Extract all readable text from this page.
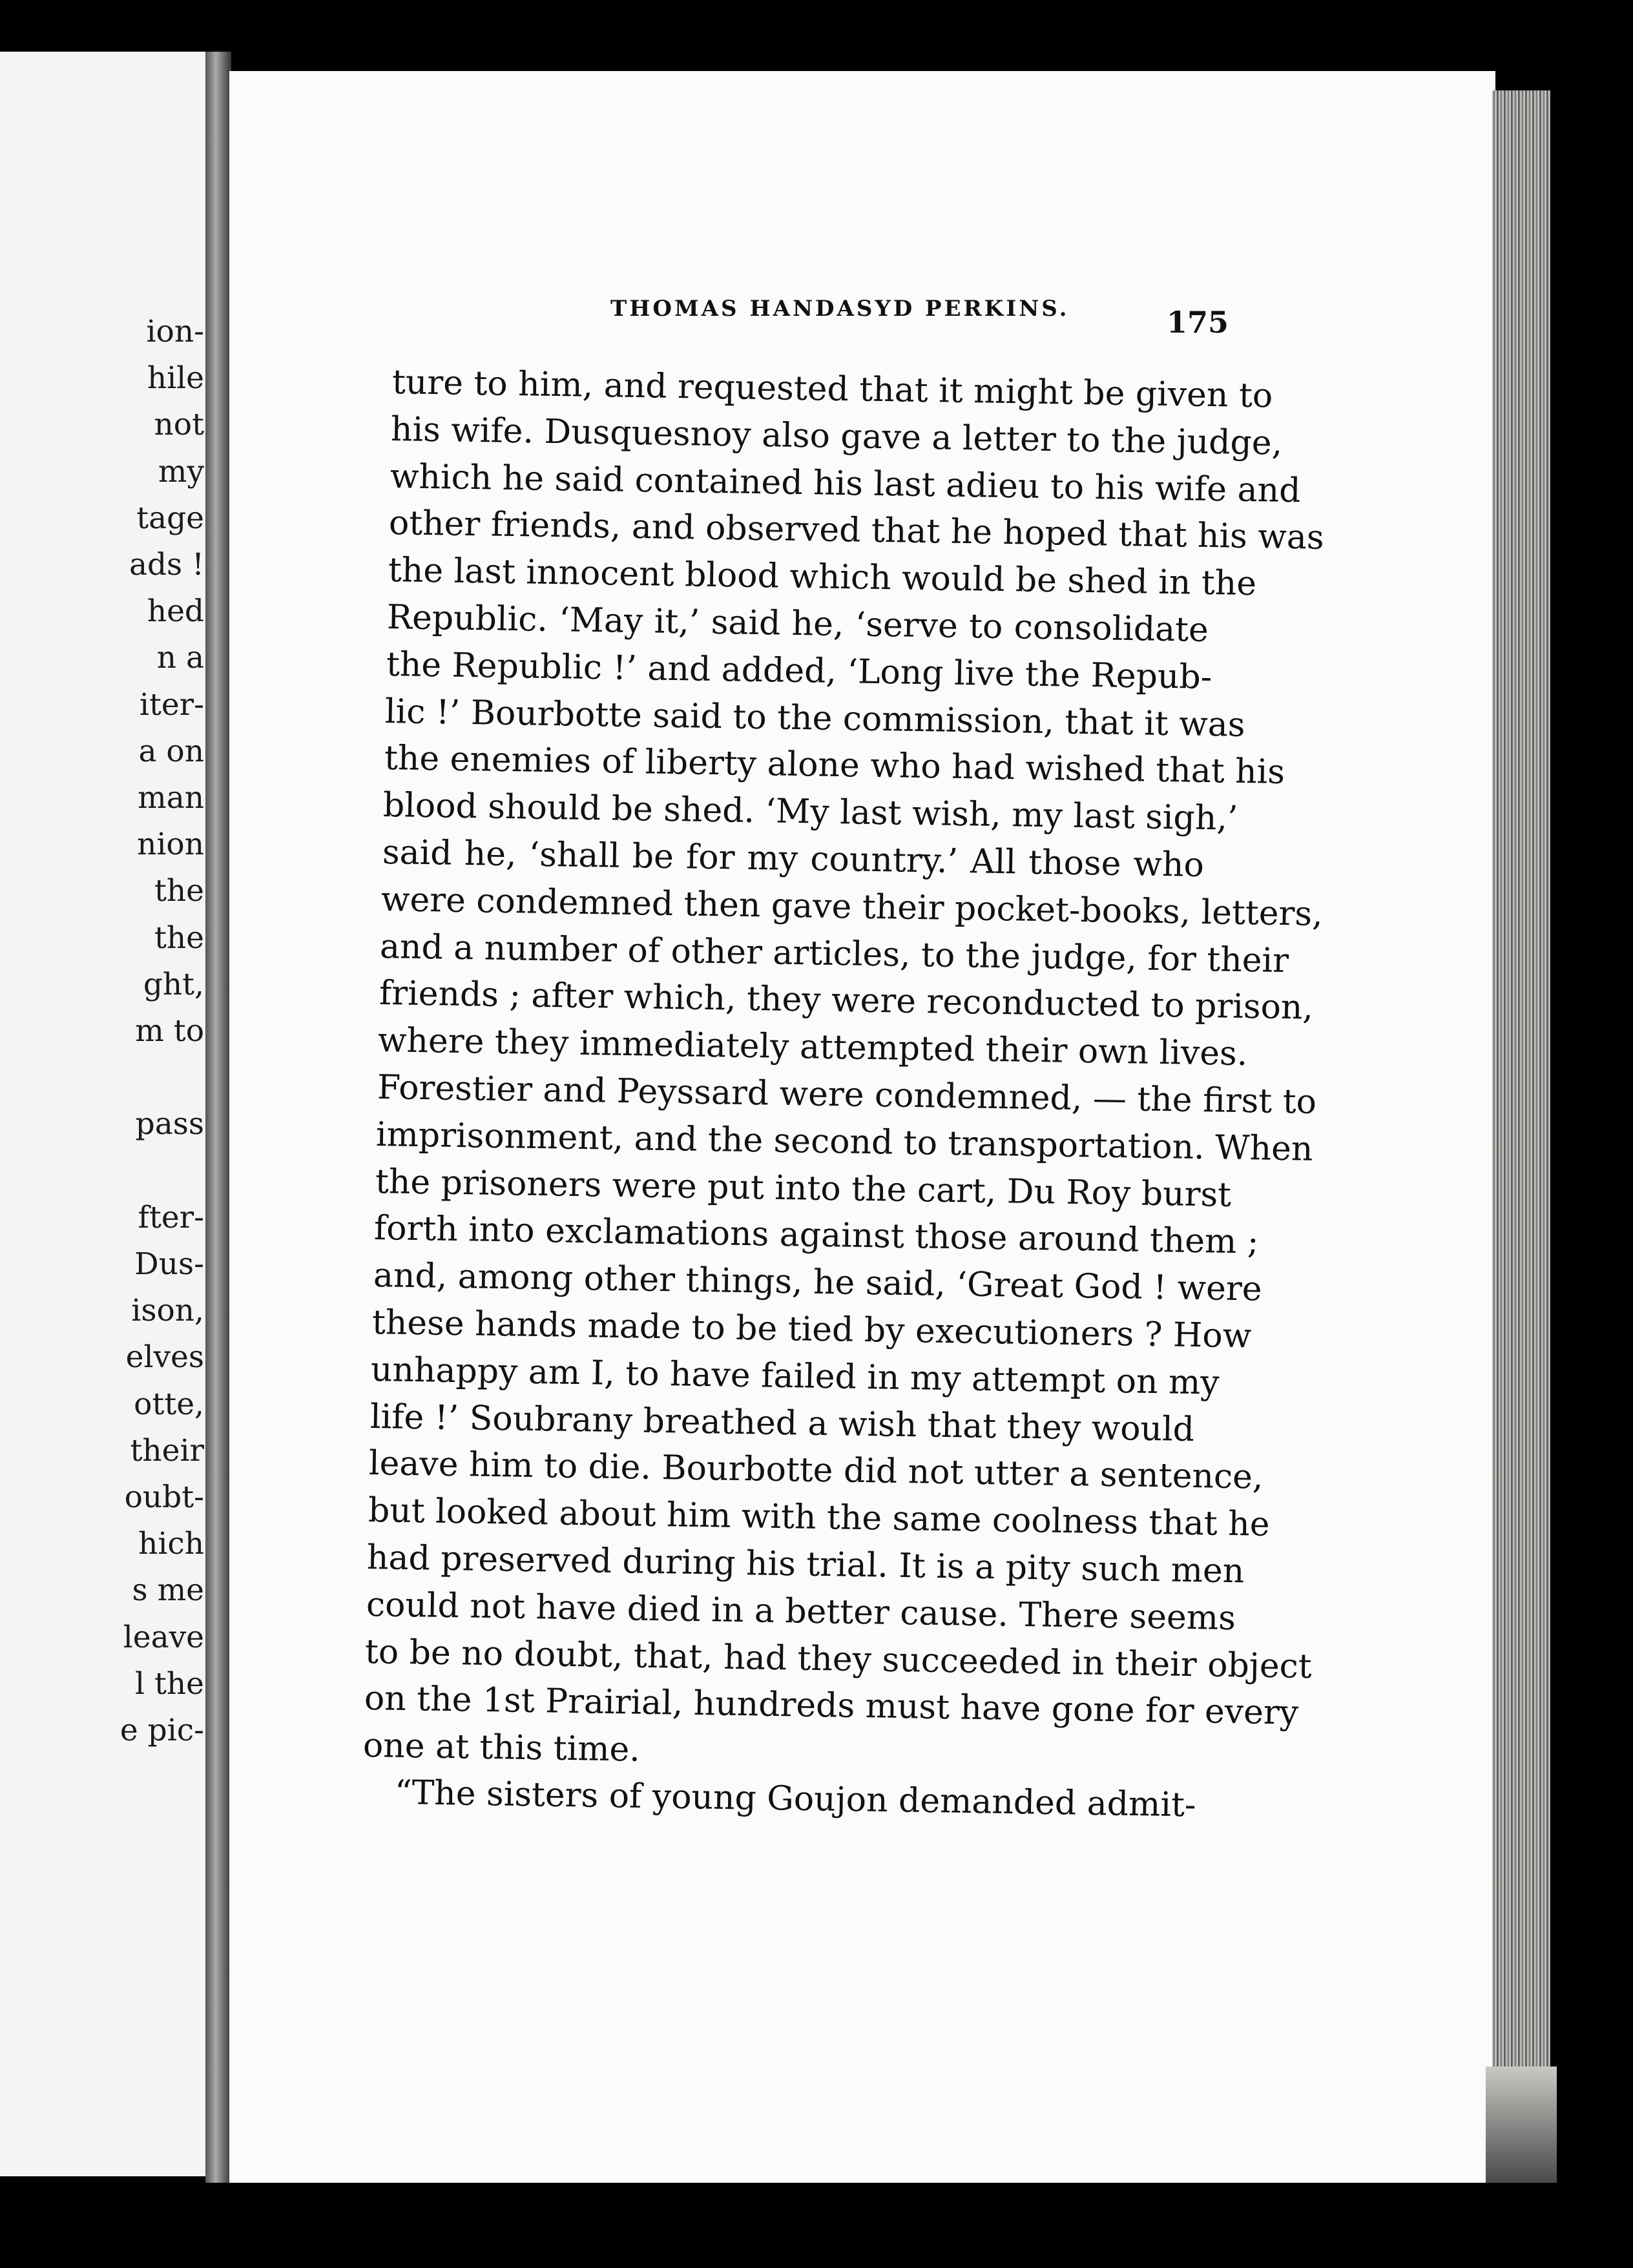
ion-
hile
not
my
tage
ads !
hed
n a
iter-
a on
man
nion
the
the
ght,
m to
pass
fter-
Dus-
ison,
elves
otte,
their
oubt-
hich
s me
leave
l the
e pic-
THOMAS HANDASYD PERKINS.	175
ture to him, and requested that it might be given to
his wife. Dusquesnoy also gave a letter to the judge,
which he said contained his last adieu to his wife and
other friends, and observed that he hoped that his was
the last innocent blood which would be shed in the
Republic. ‘May it,’ said he, ‘serve to consolidate
the Republic !’ and added, ‘Long live the Repub-
lic !’ Bourbotte said to the commission, that it was
the enemies of liberty alone who had wished that his
blood should be shed. ‘My last wish, my last sigh,’
said he, ‘shall be for my country.’ All those who
were condemned then gave their pocket-books, letters,
and a number of other articles, to the judge, for their
friends ; after which, they were reconducted to prison,
where they immediately attempted their own lives.
Forestier and Peyssard were condemned, — the first to
imprisonment, and the second to transportation. When
the prisoners were put into the cart, Du Roy burst
forth into exclamations against those around them ;
and, among other things, he said, ‘Great God ! were
these hands made to be tied by executioners ? How
unhappy am I, to have failed in my attempt on my
life !’ Soubrany breathed a wish that they would
leave him to die. Bourbotte did not utter a sentence,
but looked about him with the same coolness that he
had preserved during his trial. It is a pity such men
could not have died in a better cause. There seems
to be no doubt, that, had they succeeded in their object
on the 1st Prairial, hundreds must have gone for every
one at this time.
“The sisters of young Goujon demanded admit-
